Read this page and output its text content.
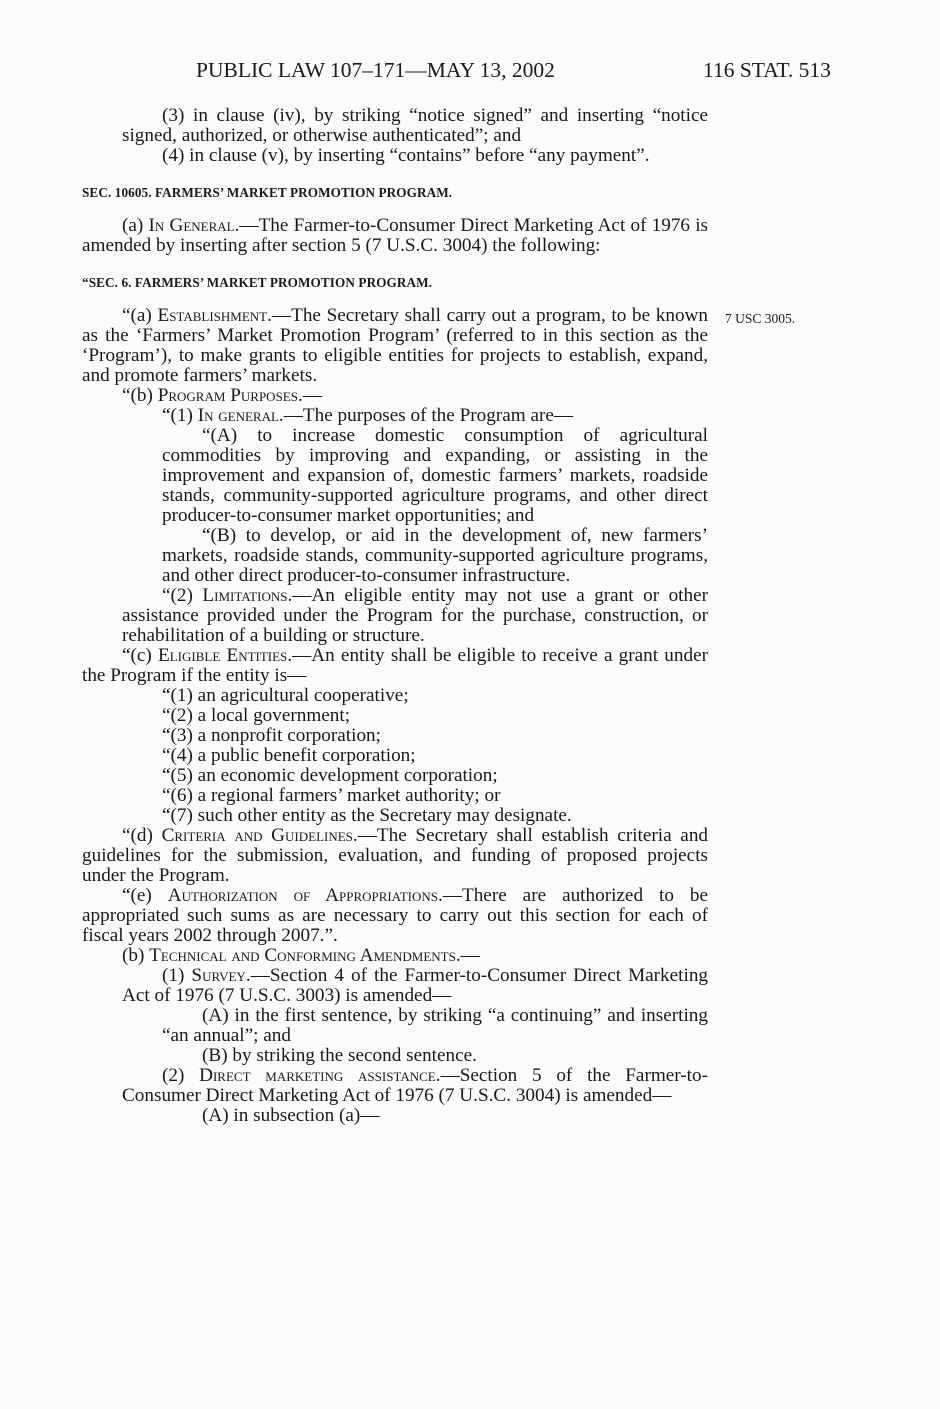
PUBLIC LAW 107–171—MAY 13, 2002	116 STAT. 513
7 USC 3005.

(3) in clause (iv), by striking “notice signed” and inserting “notice signed, authorized, or otherwise authenticated”; and

(4) in clause (v), by inserting “contains” before “any payment”.

SEC. 10605. FARMERS’ MARKET PROMOTION PROGRAM.

(a) In General.—The Farmer-to-Consumer Direct Marketing Act of 1976 is amended by inserting after section 5 (7 U.S.C. 3004) the following:

“SEC. 6. FARMERS’ MARKET PROMOTION PROGRAM.

“(a) Establishment.—The Secretary shall carry out a program, to be known as the ‘Farmers’ Market Promotion Program’ (referred to in this section as the ‘Program’), to make grants to eligible entities for projects to establish, expand, and promote farmers’ markets.

“(b) Program Purposes.—

“(1) In general.—The purposes of the Program are—

“(A) to increase domestic consumption of agricultural commodities by improving and expanding, or assisting in the improvement and expansion of, domestic farmers’ markets, roadside stands, community-supported agriculture programs, and other direct producer-to-consumer market opportunities; and

“(B) to develop, or aid in the development of, new farmers’ markets, roadside stands, community-supported agriculture programs, and other direct producer-to-consumer infrastructure.

“(2) Limitations.—An eligible entity may not use a grant or other assistance provided under the Program for the purchase, construction, or rehabilitation of a building or structure.

“(c) Eligible Entities.—An entity shall be eligible to receive a grant under the Program if the entity is—

“(1) an agricultural cooperative;

“(2) a local government;

“(3) a nonprofit corporation;

“(4) a public benefit corporation;

“(5) an economic development corporation;

“(6) a regional farmers’ market authority; or

“(7) such other entity as the Secretary may designate.

“(d) Criteria and Guidelines.—The Secretary shall establish criteria and guidelines for the submission, evaluation, and funding of proposed projects under the Program.

“(e) Authorization of Appropriations.—There are authorized to be appropriated such sums as are necessary to carry out this section for each of fiscal years 2002 through 2007.”.

(b) Technical and Conforming Amendments.—

(1) Survey.—Section 4 of the Farmer-to-Consumer Direct Marketing Act of 1976 (7 U.S.C. 3003) is amended—

(A) in the first sentence, by striking “a continuing” and inserting “an annual”; and

(B) by striking the second sentence.

(2) Direct marketing assistance.—Section 5 of the Farmer-to-Consumer Direct Marketing Act of 1976 (7 U.S.C. 3004) is amended—

(A) in subsection (a)—
